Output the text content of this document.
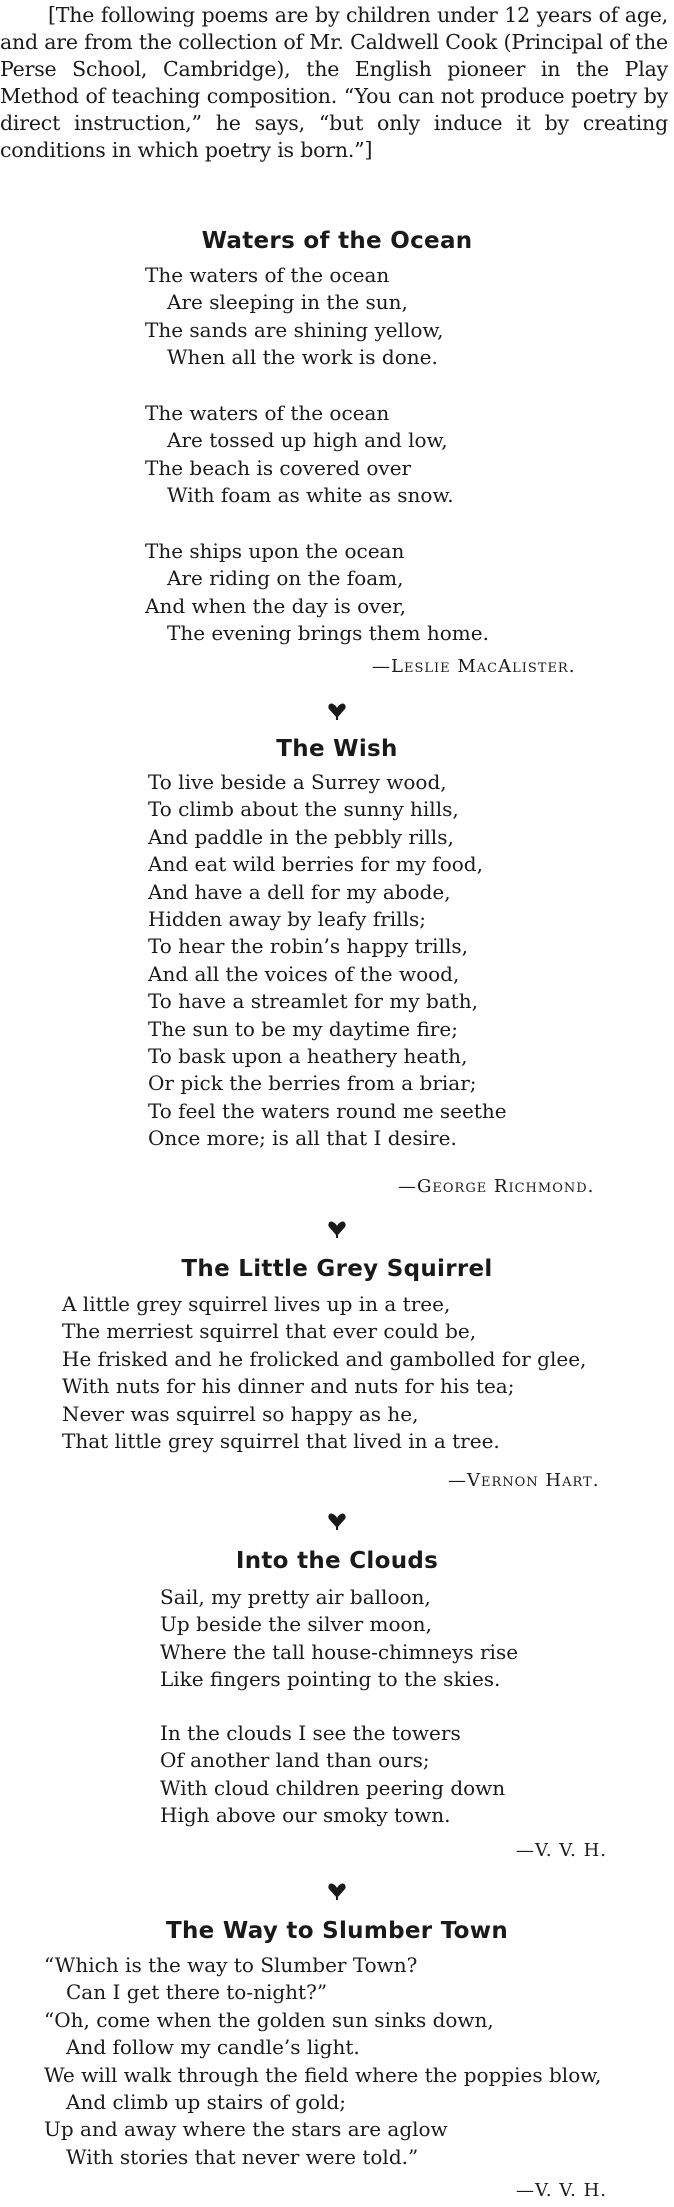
[The following poems are by children under 12 years of age, and are from the collection of Mr. Caldwell Cook (Principal of the Perse School, Cambridge), the English pioneer in the Play Method of teaching composition. “You can not produce poetry by direct instruction,” he says, “but only induce it by creating conditions in which poetry is born.”]
Waters of the Ocean
The waters of the ocean
Are sleeping in the sun,
The sands are shining yellow,
When all the work is done.
The waters of the ocean
Are tossed up high and low,
The beach is covered over
With foam as white as snow.
The ships upon the ocean
Are riding on the foam,
And when the day is over,
The evening brings them home.
—Leslie MacAlister.
The Wish
To live beside a Surrey wood,
To climb about the sunny hills,
And paddle in the pebbly rills,
And eat wild berries for my food,
And have a dell for my abode,
Hidden away by leafy frills;
To hear the robin’s happy trills,
And all the voices of the wood,
To have a streamlet for my bath,
The sun to be my daytime fire;
To bask upon a heathery heath,
Or pick the berries from a briar;
To feel the waters round me seethe
Once more; is all that I desire.
—George Richmond.
The Little Grey Squirrel
A little grey squirrel lives up in a tree,
The merriest squirrel that ever could be,
He frisked and he frolicked and gambolled for glee,
With nuts for his dinner and nuts for his tea;
Never was squirrel so happy as he,
That little grey squirrel that lived in a tree.
—Vernon Hart.
Into the Clouds
Sail, my pretty air balloon,
Up beside the silver moon,
Where the tall house-chimneys rise
Like fingers pointing to the skies.
In the clouds I see the towers
Of another land than ours;
With cloud children peering down
High above our smoky town.
—V. V. H.
The Way to Slumber Town
“Which is the way to Slumber Town?
Can I get there to-night?”
“Oh, come when the golden sun sinks down,
And follow my candle’s light.
We will walk through the field where the poppies blow,
And climb up stairs of gold;
Up and away where the stars are aglow
With stories that never were told.”
—V. V. H.
